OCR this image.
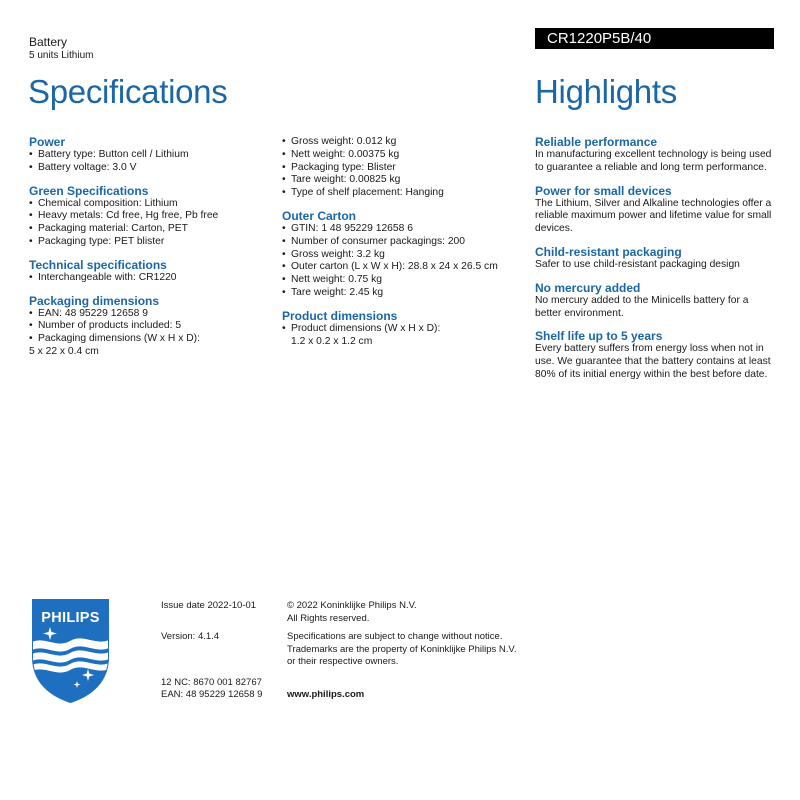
Battery
5 units Lithium
CR1220P5B/40
Specifications	Highlights
Power
• Battery type: Button cell / Lithium
• Battery voltage: 3.0 V
Green Specifications
• Chemical composition: Lithium
• Heavy metals: Cd free, Hg free, Pb free
• Packaging material: Carton, PET
• Packaging type: PET blister
Technical specifications
• Interchangeable with: CR1220
Packaging dimensions
• EAN: 48 95229 12658 9
• Number of products included: 5
• Packaging dimensions (W x H x D):
5 x 22 x 0.4 cm
• Gross weight: 0.012 kg
• Nett weight: 0.00375 kg
• Packaging type: Blister
• Tare weight: 0.00825 kg
• Type of shelf placement: Hanging
Outer Carton
• GTIN: 1 48 95229 12658 6
• Number of consumer packagings: 200
• Gross weight: 3.2 kg
• Outer carton (L x W x H): 28.8 x 24 x 26.5 cm
• Nett weight: 0.75 kg
• Tare weight: 2.45 kg
Product dimensions
• Product dimensions (W x H x D):
1.2 x 0.2 x 1.2 cm
Reliable performance
In manufacturing excellent technology is being used to guarantee a reliable and long term performance.
Power for small devices
The Lithium, Silver and Alkaline technologies offer a reliable maximum power and lifetime value for small devices.
Child-resistant packaging
Safer to use child-resistant packaging design
No mercury added
No mercury added to the Minicells battery for a better environment.
Shelf life up to 5 years
Every battery suffers from energy loss when not in use. We guarantee that the battery contains at least 80% of its initial energy within the best before date.
PHILIPS
Issue date 2022-10-01
Version: 4.1.4
12 NC: 8670 001 82767
EAN: 48 95229 12658 9
© 2022 Koninklijke Philips N.V.
All Rights reserved.
Specifications are subject to change without notice.
Trademarks are the property of Koninklijke Philips N.V.
or their respective owners.
www.philips.com
